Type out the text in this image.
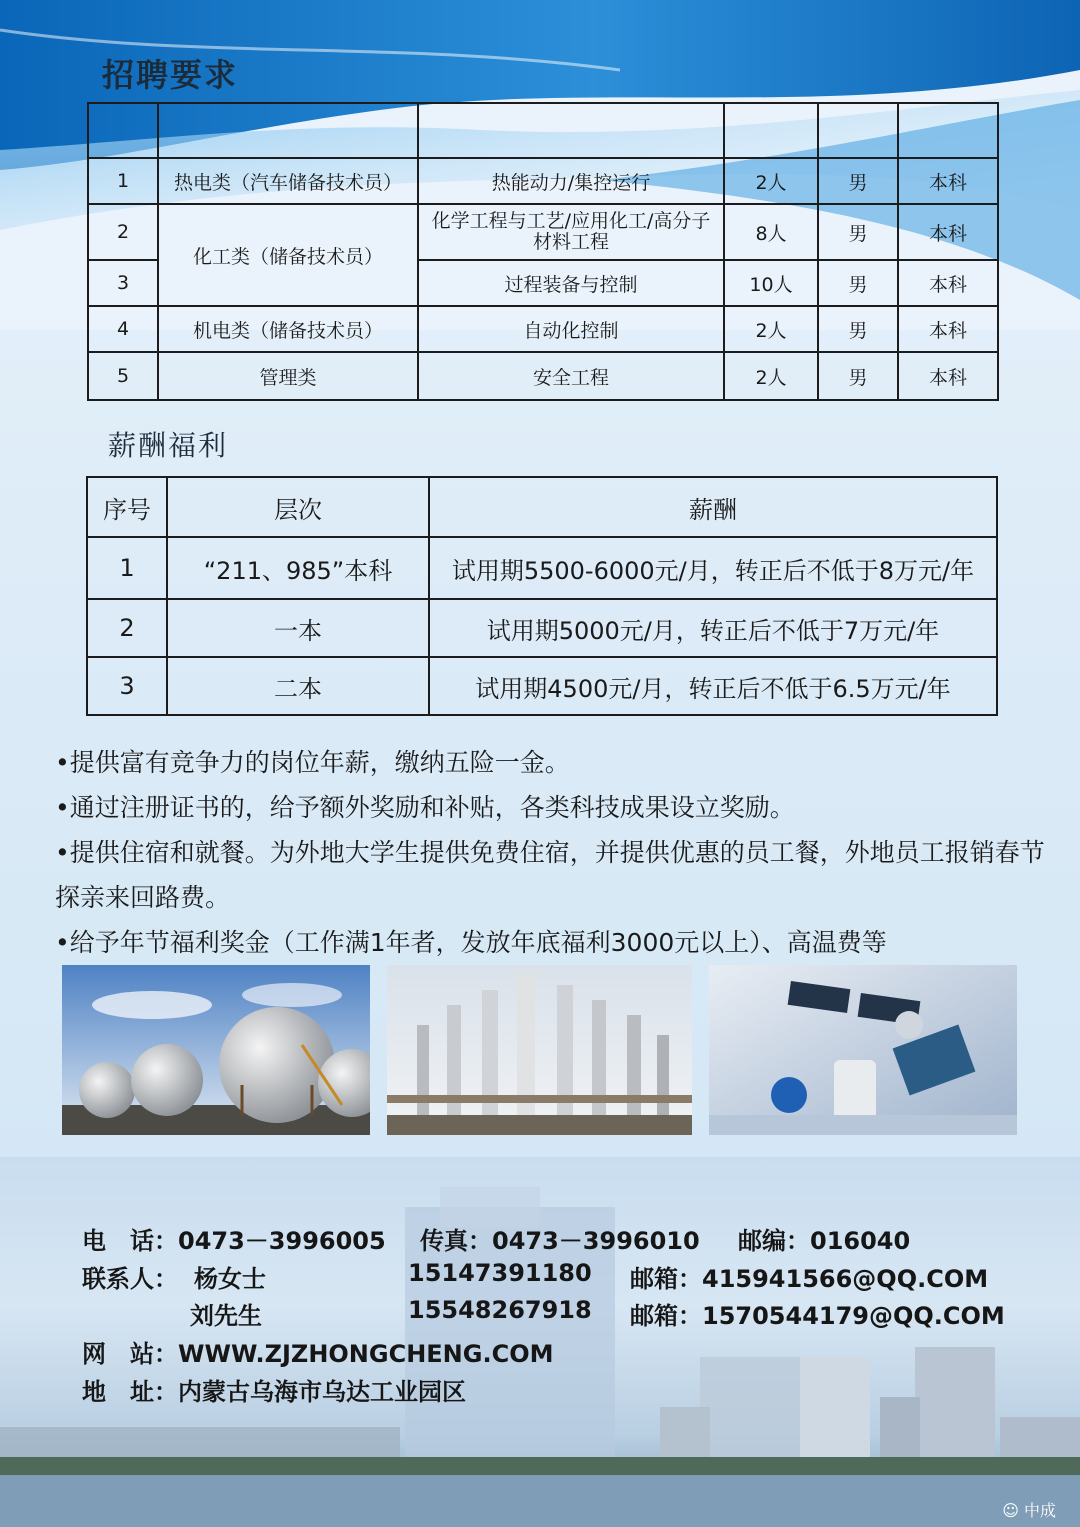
招聘要求

1	热电类（汽车储备技术员）	热能动力/集控运行	2人	男	本科
2	化工类（储备技术员）	化学工程与工艺/应用化工/高分子材料工程	8人	男	本科
3		过程装备与控制	10人	男	本科
4	机电类（储备技术员）	自动化控制	2人	男	本科
5	管理类	安全工程	2人	男	本科
薪酬福利
序号	层次	薪酬
1	“211、985”本科	试用期5500-6000元/月，转正后不低于8万元/年
2	一本	试用期5000元/月，转正后不低于7万元/年
3	二本	试用期4500元/月，转正后不低于6.5万元/年

•提供富有竞争力的岗位年薪，缴纳五险一金。

•通过注册证书的，给予额外奖励和补贴，各类科技成果设立奖励。

•提供住宿和就餐。为外地大学生提供免费住宿，并提供优惠的员工餐，外地员工报销春节探亲来回路费。

•给予年节福利奖金（工作满1年者，发放年底福利3000元以上）、高温费等

电　话：0473－3996005 传真：0473－3996010 邮编：016040
联系人： 杨女士	15147391180 邮箱：415941566@QQ.COM
刘先生	15548267918 邮箱：1570544179@QQ.COM
网　站：WWW.ZJZHONGCHENG.COM
地　址：内蒙古乌海市乌达工业园区
☺ 中成
